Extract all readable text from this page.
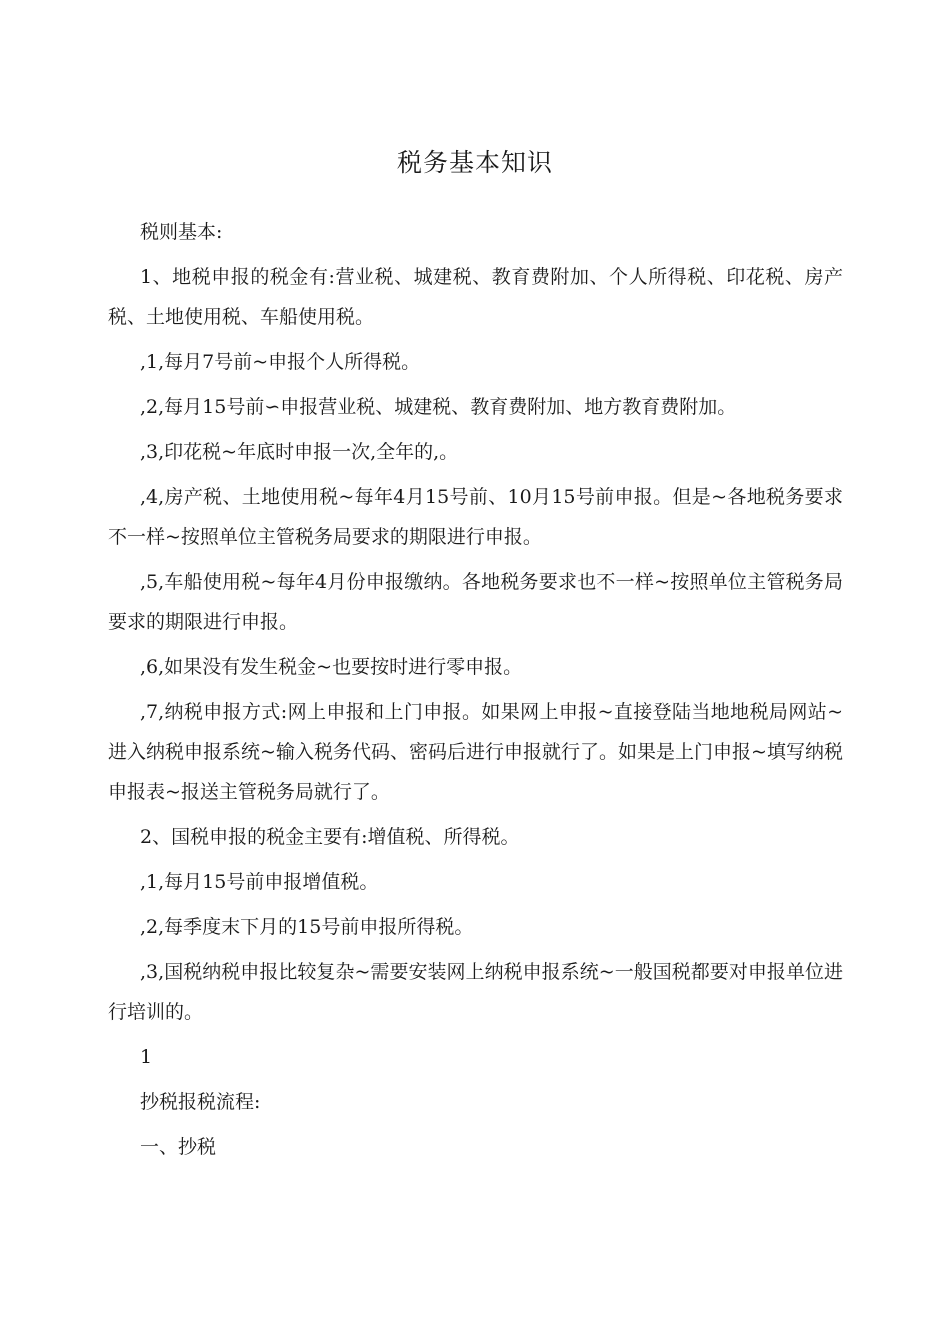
税务基本知识

税则基本:

1、地税申报的税金有:营业税、城建税、教育费附加、个人所得税、印花税、房产税、土地使用税、车船使用税。

,1,每月7号前~申报个人所得税。

,2,每月15号前∽申报营业税、城建税、教育费附加、地方教育费附加。

,3,印花税~年底时申报一次,全年的,。

,4,房产税、土地使用税~每年4月15号前、10月15号前申报。但是~各地税务要求不一样~按照单位主管税务局要求的期限进行申报。

,5,车船使用税~每年4月份申报缴纳。各地税务要求也不一样~按照单位主管税务局要求的期限进行申报。

,6,如果没有发生税金~也要按时进行零申报。

,7,纳税申报方式:网上申报和上门申报。如果网上申报~直接登陆当地地税局网站~进入纳税申报系统~输入税务代码、密码后进行申报就行了。如果是上门申报~填写纳税申报表~报送主管税务局就行了。

2、国税申报的税金主要有:增值税、所得税。

,1,每月15号前申报增值税。

,2,每季度末下月的15号前申报所得税。

,3,国税纳税申报比较复杂~需要安装网上纳税申报系统~一般国税都要对申报单位进行培训的。

1

抄税报税流程:

一、抄税
